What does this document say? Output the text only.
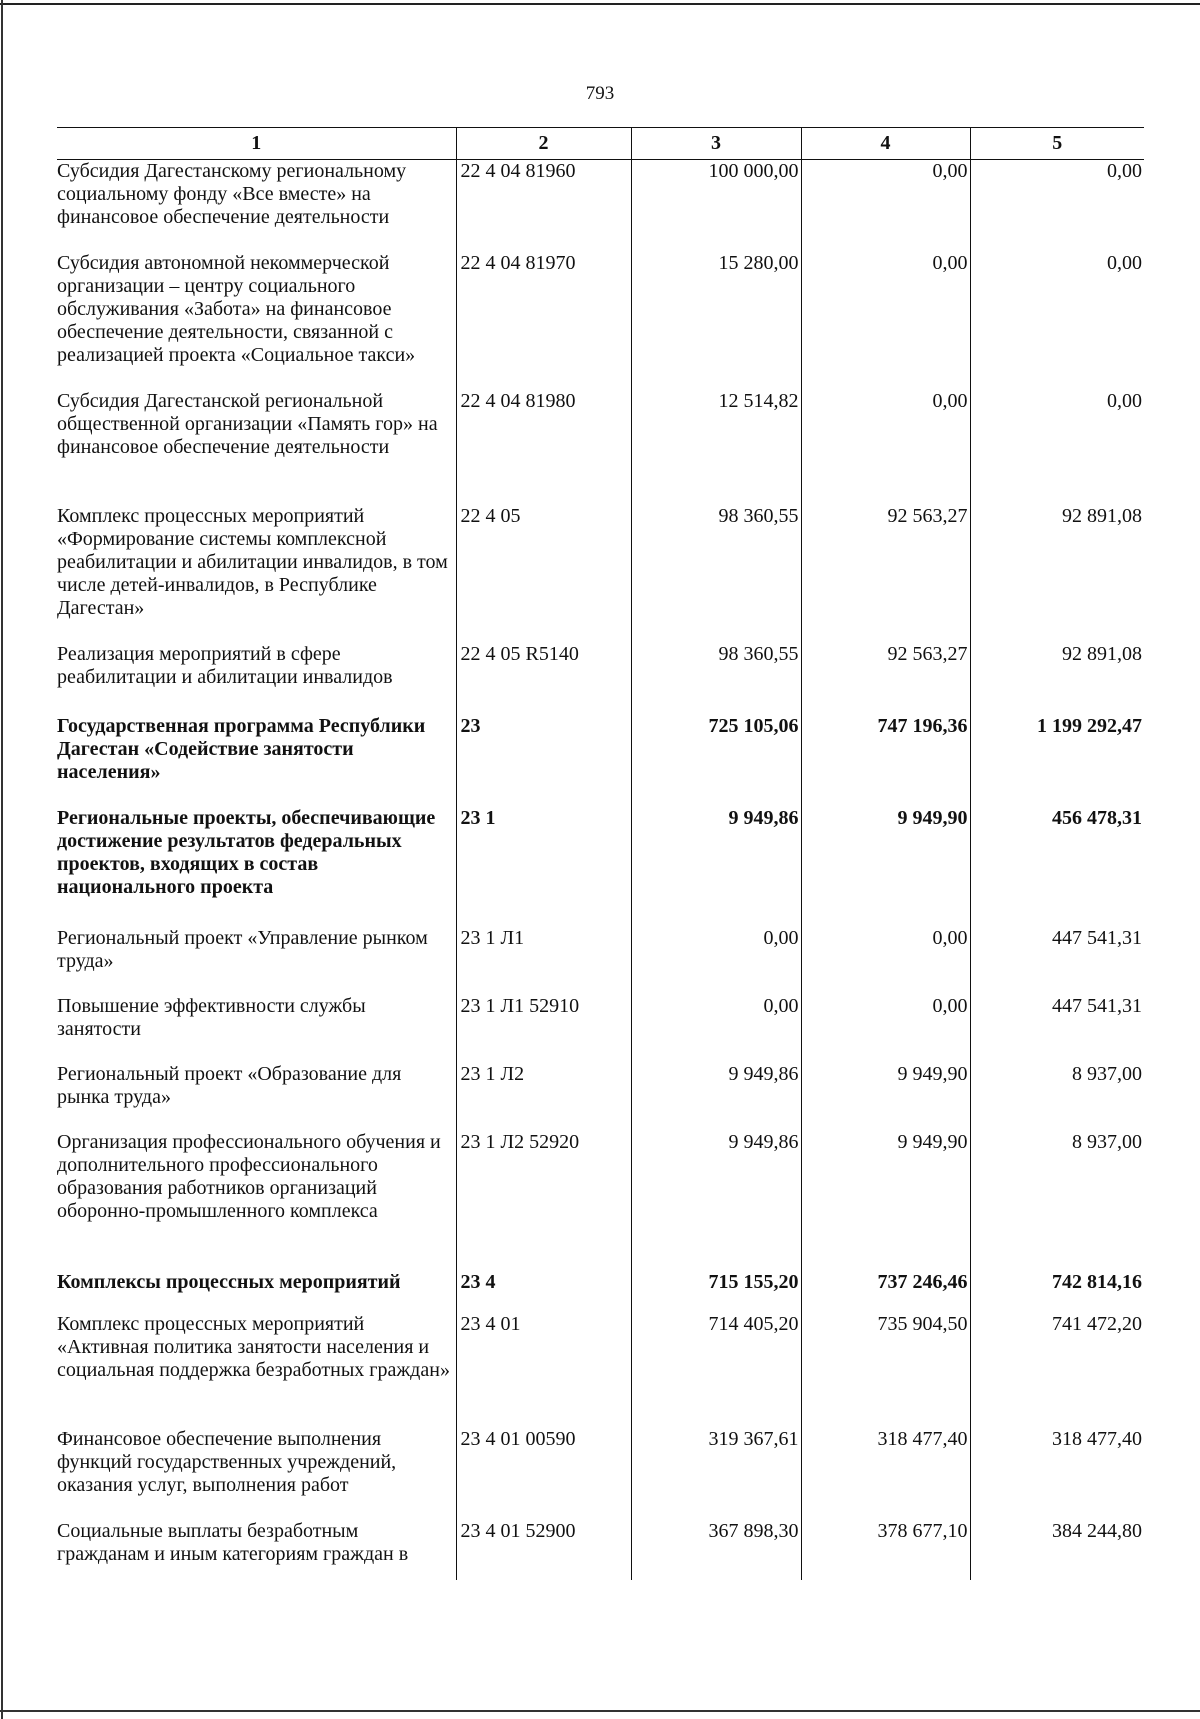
793
1	2	3	4	5
Субсидия Дагестанскому региональному социальному фонду «Все вместе» на финансовое обеспечение деятельности	22 4 04 81960	100 000,00	0,00	0,00
Субсидия автономной некоммерческой организации – центру социального обслуживания «Забота» на финансовое обеспечение деятельности, связанной с реализацией проекта «Социальное такси»	22 4 04 81970	15 280,00	0,00	0,00
Субсидия Дагестанской региональной общественной организации «Память гор» на финансовое обеспечение деятельности	22 4 04 81980	12 514,82	0,00	0,00
Комплекс процессных мероприятий «Формирование системы комплексной реабилитации и абилитации инвалидов, в том числе детей-инвалидов, в Республике Дагестан»	22 4 05	98 360,55	92 563,27	92 891,08
Реализация мероприятий в сфере реабилитации и абилитации инвалидов	22 4 05 R5140	98 360,55	92 563,27	92 891,08
Государственная программа Республики Дагестан «Содействие занятости населения»	23	725 105,06	747 196,36	1 199 292,47
Региональные проекты, обеспечивающие достижение результатов федеральных проектов, входящих в состав национального проекта	23 1	9 949,86	9 949,90	456 478,31
Региональный проект «Управление рынком труда»	23 1 Л1	0,00	0,00	447 541,31
Повышение эффективности службы занятости	23 1 Л1 52910	0,00	0,00	447 541,31
Региональный проект «Образование для рынка труда»	23 1 Л2	9 949,86	9 949,90	8 937,00
Организация профессионального обучения и дополнительного профессионального образования работников организаций оборонно-промышленного комплекса	23 1 Л2 52920	9 949,86	9 949,90	8 937,00
Комплексы процессных мероприятий	23 4	715 155,20	737 246,46	742 814,16
Комплекс процессных мероприятий «Активная политика занятости населения и социальная поддержка безработных граждан»	23 4 01	714 405,20	735 904,50	741 472,20
Финансовое обеспечение выполнения функций государственных учреждений, оказания услуг, выполнения работ	23 4 01 00590	319 367,61	318 477,40	318 477,40
Социальные выплаты безработным гражданам и иным категориям граждан в	23 4 01 52900	367 898,30	378 677,10	384 244,80
